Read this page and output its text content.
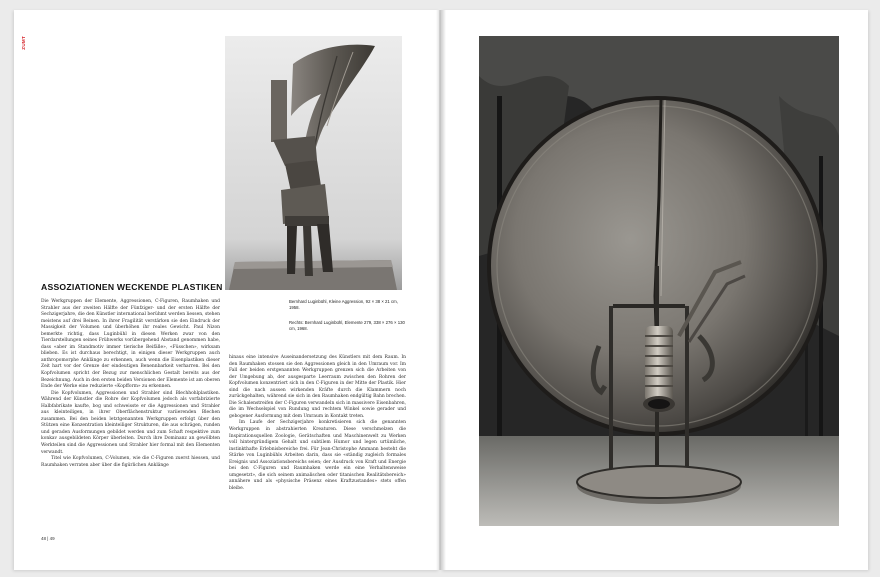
ZUMT
Bernhard Luginbühl, Kleine Aggression, 92 × 38 × 21 cm, 1958.
Rechts: Bernhard Luginbühl, Elemente 279, 338 × 276 × 130 cm, 1968.
ASSOZIATIONEN WECKENDE PLASTIKEN

Die Werkgruppen der Elemente, Aggressionen, C-Figuren, Raumhaken und Strahler aus der zweiten Hälfte der Fünfziger- und der ersten Hälfte der Sechzigerjahre, die den Künstler international berühmt werden liessen, stehen meistens auf drei Beinen. In ihrer Fragilität verstärken sie den Eindruck der Massigkeit der Volumen und überhöhen ihr reales Gewicht. Paul Nizon bemerkte richtig, dass Luginbühl in diesen Werken zwar von den Tierdarstellungen seines Frühwerks vorübergehend Abstand genommen habe, dass «aber im Standmotiv immer tierische Beifälle», «Füsschen», wirksam blieben. Es ist durchaus berechtigt, in einigen dieser Werkgruppen auch anthropomorphe Anklänge zu erkennen, auch wenn die Eisenplastiken dieser Zeit hart vor der Grenze der eindeutigen Benennbarkeit verharren. Bei den Kopfvolumen spricht der Bezug zur menschlichen Gestalt bereits aus der Bezeichnung. Auch in den ersten beiden Versionen der Elemente ist am oberen Ende der Werke eine reduzierte «Kopfform» zu erkennen.

Die Kopfvolumen, Aggressionen und Strahler sind Blechhohlplastiken. Während der Künstler die Rohre der Kopfvolumen jedoch als vorfabrizierte Halbfabrikate kaufte, bog und schweisste er die Aggressionen und Strahler aus kleinteiligen, in ihrer Oberflächenstruktur variierenden Blechen zusammen. Bei den beiden letztgenannten Werkgruppen erfolgt über den Stützen eine Konzentration kleinteiliger Strukturen, die aus schrägen, runden und geraden Ausformungen gebildet werden und zum Schaft respektive zum konkav ausgebildeten Körper überleiten. Durch ihre Dominanz an gewölbten Werkteilen sind die Aggressionen und Strahler hier formal mit den Elementen verwandt.

Titel wie Kopfvolumen, C-Volumen, wie die C-Figuren zuerst hiessen, und Raumhaken verraten aber über die figürlichen Anklänge

hinaus eine intensive Auseinandersetzung des Künstlers mit dem Raum. In den Raumhaken stossen sie den Aggressionen gleich in den Umraum vor. Im Fall der beiden erstgenannten Werkgruppen grenzen sich die Arbeiten von der Umgebung ab, der ausgesparte Leerraum zwischen den Rohren der Kopfvolumen konzentriert sich in den C-Figuren in der Mitte der Plastik. Hier sind die nach aussen wirkenden Kräfte durch die Klammern noch zurückgehalten, während sie sich in den Raumhaken endgültig Bahn brechen. Die Schalenstreifen der C-Figuren verwandeln sich in massivere Eisenbahren, die im Wechselspiel von Rundung und rechtem Winkel sowie gerader und gebogener Ausformung mit dem Umraum in Kontakt treten.

Im Laufe der Sechzigerjahre konkretisieren sich die genannten Werkgruppen in abstrahierten Kreaturen. Diese verschmelzen die Inspirationsquellen Zoologie, Gerätschaften und Maschinenwelt zu Werken voll hintergründigem Gehalt und subtilem Humor und legen urtümliche, instinkthafte Erlebnisbereiche frei. Für Jean-Christophe Ammann besteht die Stärke von Luginbühls Arbeiten darin, dass sie «ständig zugleich formales Ereignis und Assoziationsbereichs seien; der Ausdruck von Kraft und Energie bei den C-Figuren und Raumhaken werde ein eine Verhaltensweise umgesetzt», die sich seinem animalischen oder titanischen Realitätsbereich» annähere und als «physische Präsenz eines Kraftzustandes» stets offen bleibe.

48 | 49
